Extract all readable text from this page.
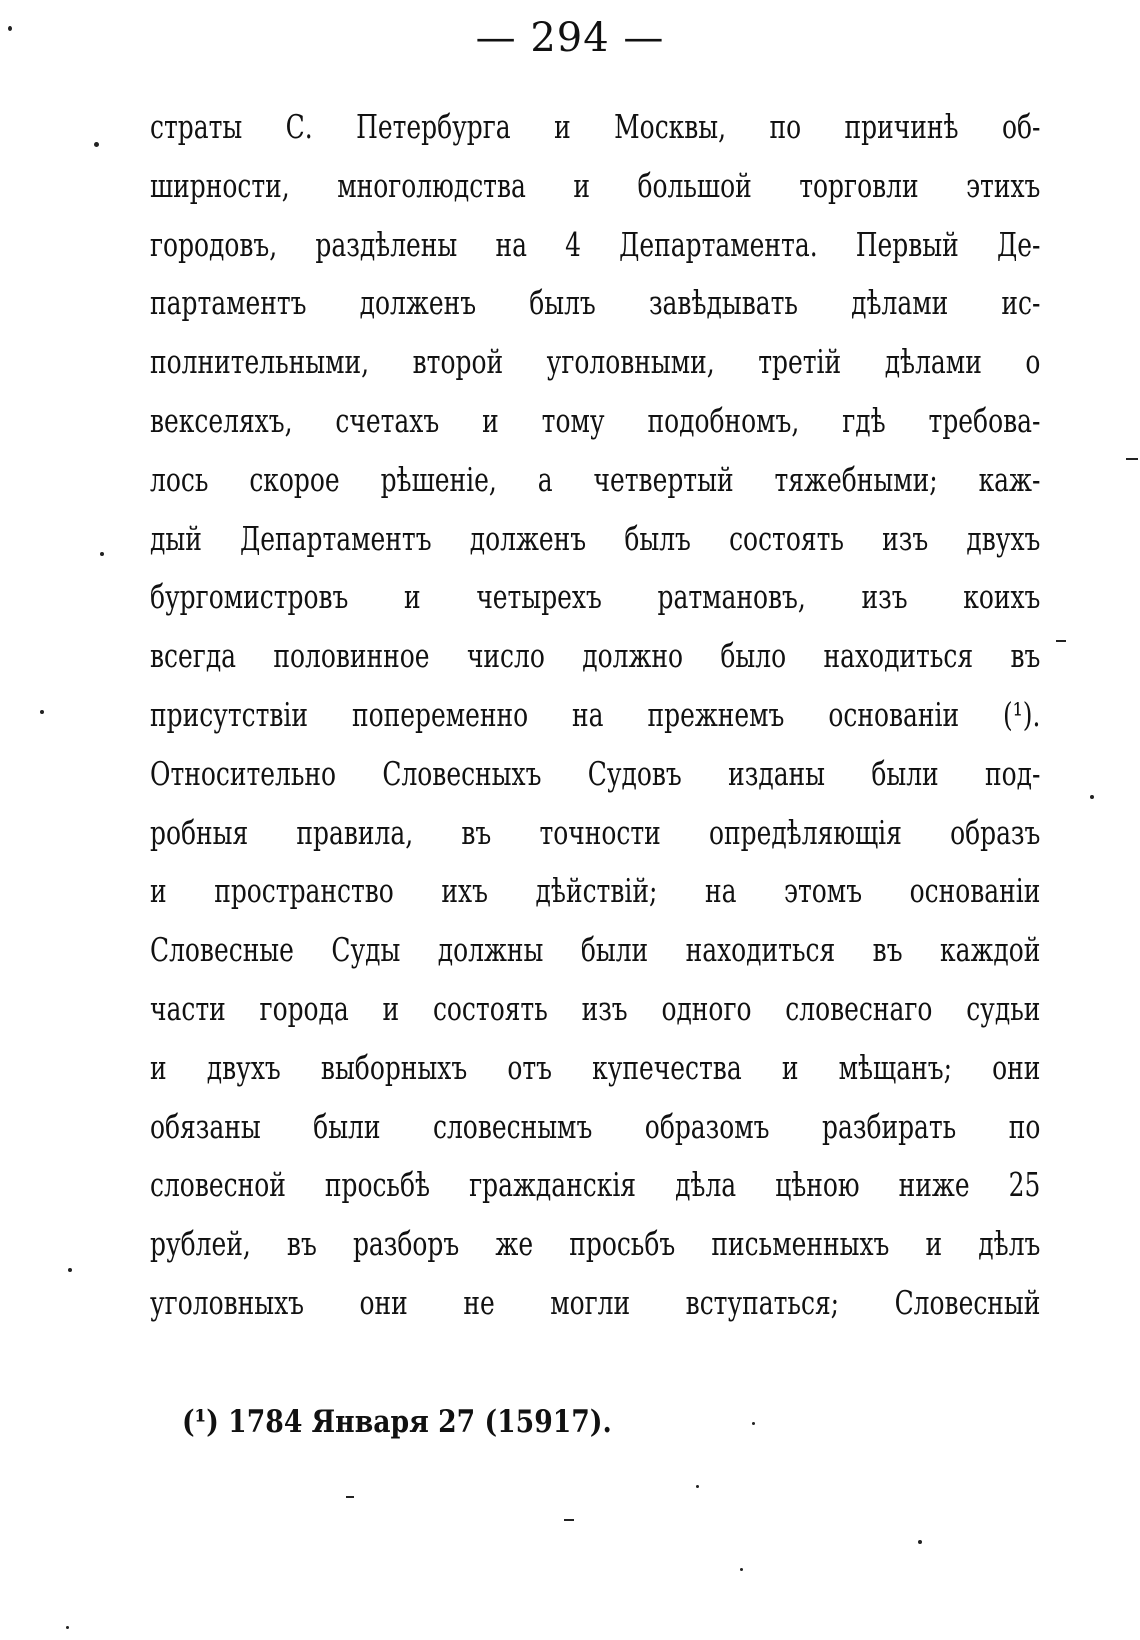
— 294 —
страты С. Петербурга и Москвы, по причинѣ об-
ширности, многолюдства и большой торговли этихъ
городовъ, раздѣлены на 4 Департамента. Первый Де-
партаментъ долженъ былъ завѣдывать дѣлами ис-
полнительными, второй уголовными, третій дѣлами о
векселяхъ, счетахъ и тому подобномъ, гдѣ требова-
лось скорое рѣшеніе, а четвертый тяжебными; каж-
дый Департаментъ долженъ былъ состоять изъ двухъ
бургомистровъ и четырехъ ратмановъ, изъ коихъ
всегда половинное число должно было находиться въ
присутствіи попеременно на прежнемъ основаніи (¹).
Относительно Словесныхъ Судовъ изданы были под-
робныя правила, въ точности опредѣляющія образъ
и пространство ихъ дѣйствій; на этомъ основаніи
Словесные Суды должны были находиться въ каждой
части города и состоять изъ одного словеснаго судьи
и двухъ выборныхъ отъ купечества и мѣщанъ; они
обязаны были словеснымъ образомъ разбирать по
словесной просьбѣ гражданскія дѣла цѣною ниже 25
рублей, въ разборъ же просьбъ письменныхъ и дѣлъ
уголовныхъ они не могли вступаться; Словесный
(¹) 1784 Января 27 (15917).
